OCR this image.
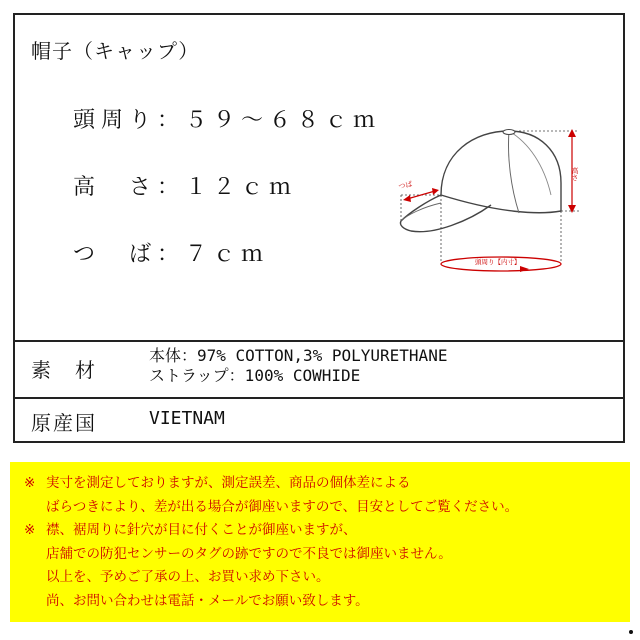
帽子（キャップ）
頭周り：５９～６８ｃｍ
高　さ：１２ｃｍ
つ　ば：７ｃｍ
高さ
つば
頭周り【内寸】
素　材
本体：97% COTTON,3% POLYURETHANE
ストラップ：100% COWHIDE
原産国	VIETNAM
※ 実寸を測定しておりますが、測定誤差、商品の個体差による
ばらつきにより、差が出る場合が御座いますので、目安としてご覧ください。
※ 襟、裾周りに針穴が目に付くことが御座いますが、
店舗での防犯センサーのタグの跡ですので不良では御座いません。
以上を、予めご了承の上、お買い求め下さい。
尚、お問い合わせは電話・メールでお願い致します。
